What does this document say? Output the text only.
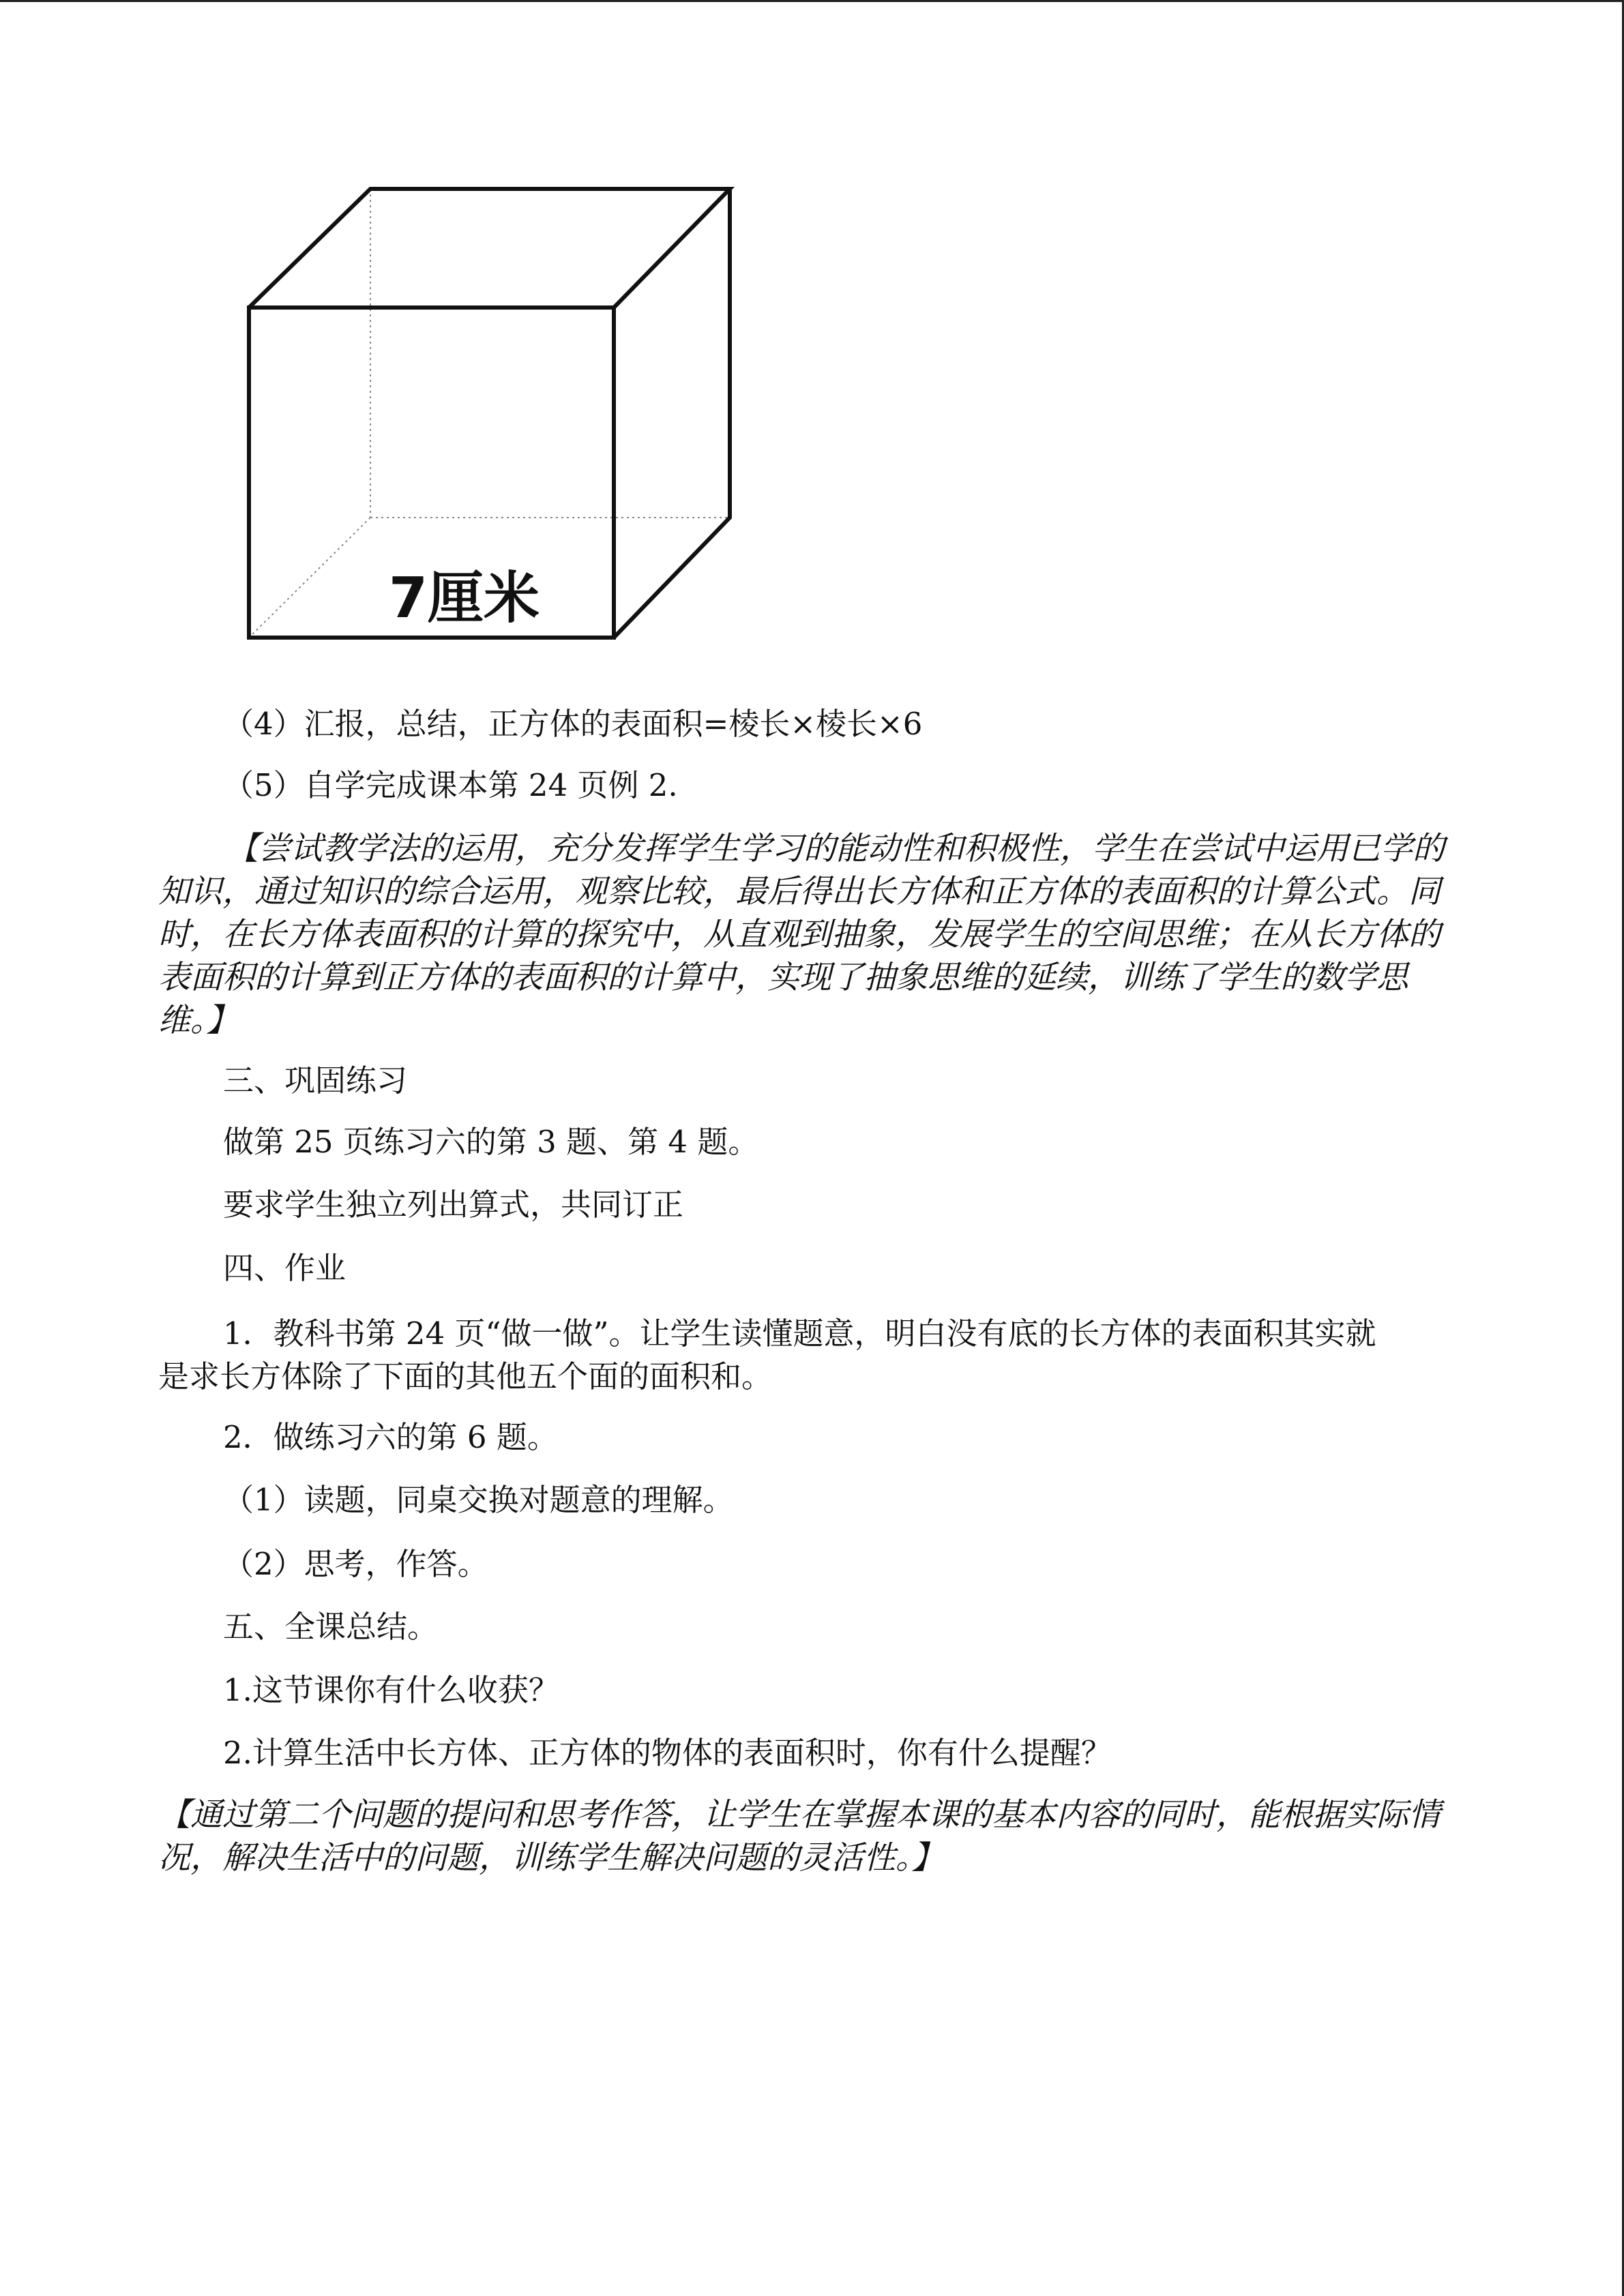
7厘米
（4）汇报，总结，正方体的表面积=棱长×棱长×6
（5）自学完成课本第 24 页例 2.
【尝试教学法的运用，充分发挥学生学习的能动性和积极性，学生在尝试中运用已学的
知识，通过知识的综合运用，观察比较，最后得出长方体和正方体的表面积的计算公式。同
时，在长方体表面积的计算的探究中，从直观到抽象，发展学生的空间思维；在从长方体的
表面积的计算到正方体的表面积的计算中，实现了抽象思维的延续，训练了学生的数学思
维。】
三、巩固练习
做第 25 页练习六的第 3 题、第 4 题。
要求学生独立列出算式，共同订正
四、作业
1．教科书第 24 页“做一做”。让学生读懂题意，明白没有底的长方体的表面积其实就
是求长方体除了下面的其他五个面的面积和。
2．做练习六的第 6 题。
（1）读题，同桌交换对题意的理解。
（2）思考，作答。
五、全课总结。
1.这节课你有什么收获？
2.计算生活中长方体、正方体的物体的表面积时，你有什么提醒？
【通过第二个问题的提问和思考作答，让学生在掌握本课的基本内容的同时，能根据实际情
况，解决生活中的问题，训练学生解决问题的灵活性。】
